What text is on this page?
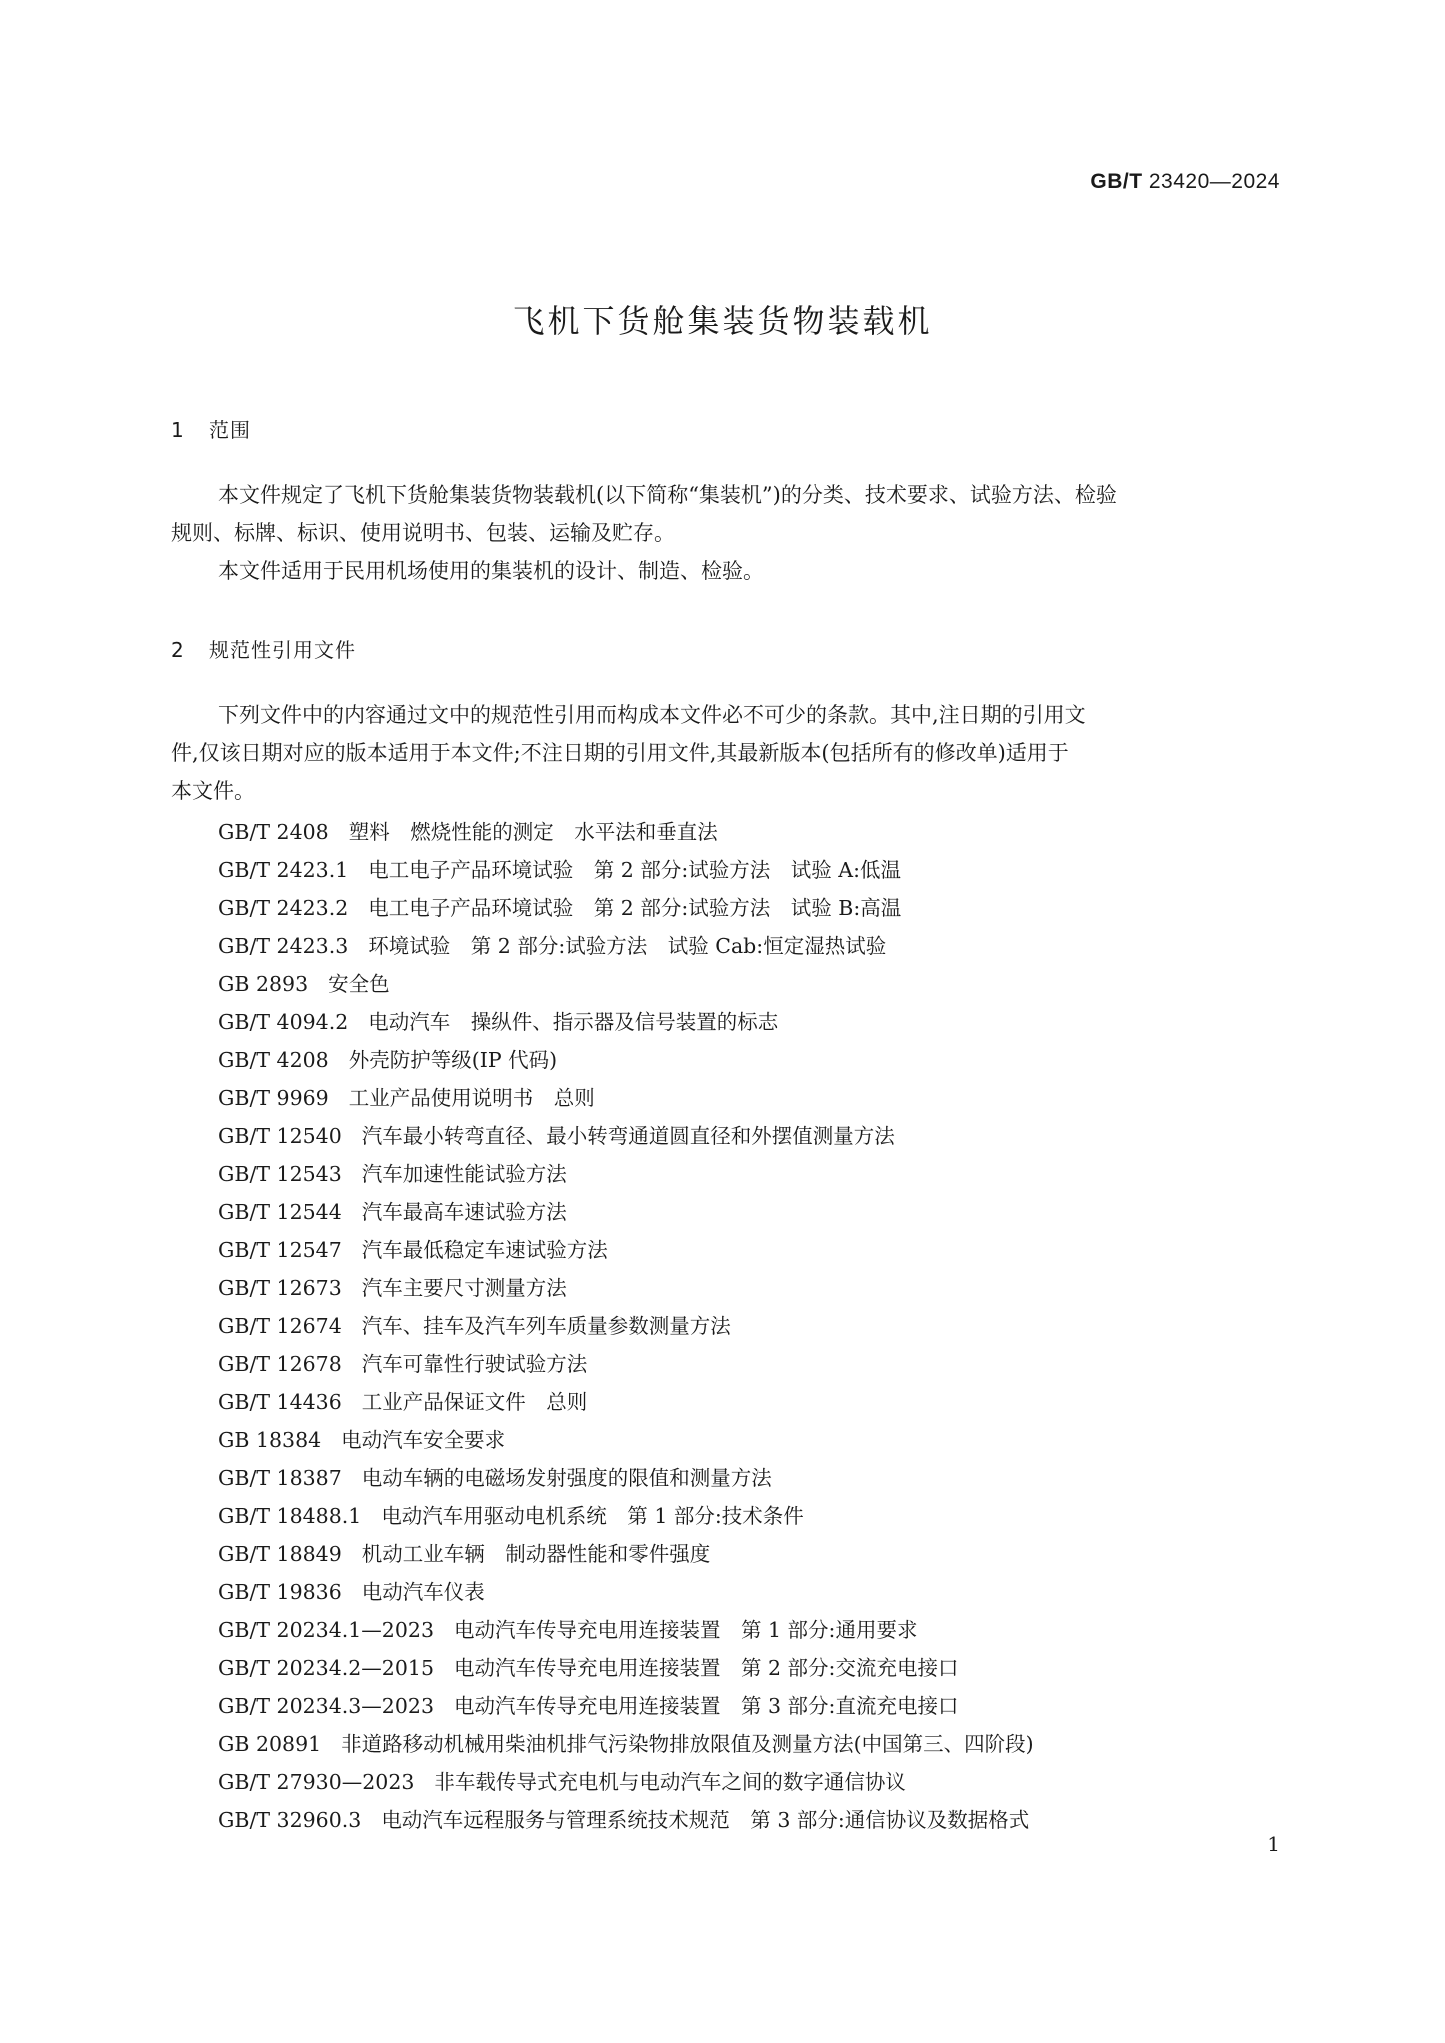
GB/T 23420—2024
飞机下货舱集装货物装载机
1 范围

本文件规定了飞机下货舱集装货物装载机(以下简称“集装机”)的分类、技术要求、试验方法、检验
规则、标牌、标识、使用说明书、包装、运输及贮存。

本文件适用于民用机场使用的集装机的设计、制造、检验。

2 规范性引用文件

下列文件中的内容通过文中的规范性引用而构成本文件必不可少的条款。其中,注日期的引用文
件,仅该日期对应的版本适用于本文件;不注日期的引用文件,其最新版本(包括所有的修改单)适用于
本文件。

GB/T 2408 塑料　燃烧性能的测定　水平法和垂直法
GB/T 2423.1 电工电子产品环境试验　第 2 部分:试验方法　试验 A:低温
GB/T 2423.2 电工电子产品环境试验　第 2 部分:试验方法　试验 B:高温
GB/T 2423.3 环境试验　第 2 部分:试验方法　试验 Cab:恒定湿热试验
GB 2893 安全色
GB/T 4094.2 电动汽车　操纵件、指示器及信号装置的标志
GB/T 4208 外壳防护等级(IP 代码)
GB/T 9969 工业产品使用说明书　总则
GB/T 12540 汽车最小转弯直径、最小转弯通道圆直径和外摆值测量方法
GB/T 12543 汽车加速性能试验方法
GB/T 12544 汽车最高车速试验方法
GB/T 12547 汽车最低稳定车速试验方法
GB/T 12673 汽车主要尺寸测量方法
GB/T 12674 汽车、挂车及汽车列车质量参数测量方法
GB/T 12678 汽车可靠性行驶试验方法
GB/T 14436 工业产品保证文件　总则
GB 18384 电动汽车安全要求
GB/T 18387 电动车辆的电磁场发射强度的限值和测量方法
GB/T 18488.1 电动汽车用驱动电机系统　第 1 部分:技术条件
GB/T 18849 机动工业车辆　制动器性能和零件强度
GB/T 19836 电动汽车仪表
GB/T 20234.1—2023 电动汽车传导充电用连接装置　第 1 部分:通用要求
GB/T 20234.2—2015 电动汽车传导充电用连接装置　第 2 部分:交流充电接口
GB/T 20234.3—2023 电动汽车传导充电用连接装置　第 3 部分:直流充电接口
GB 20891 非道路移动机械用柴油机排气污染物排放限值及测量方法(中国第三、四阶段)
GB/T 27930—2023 非车载传导式充电机与电动汽车之间的数字通信协议
GB/T 32960.3 电动汽车远程服务与管理系统技术规范　第 3 部分:通信协议及数据格式
1
